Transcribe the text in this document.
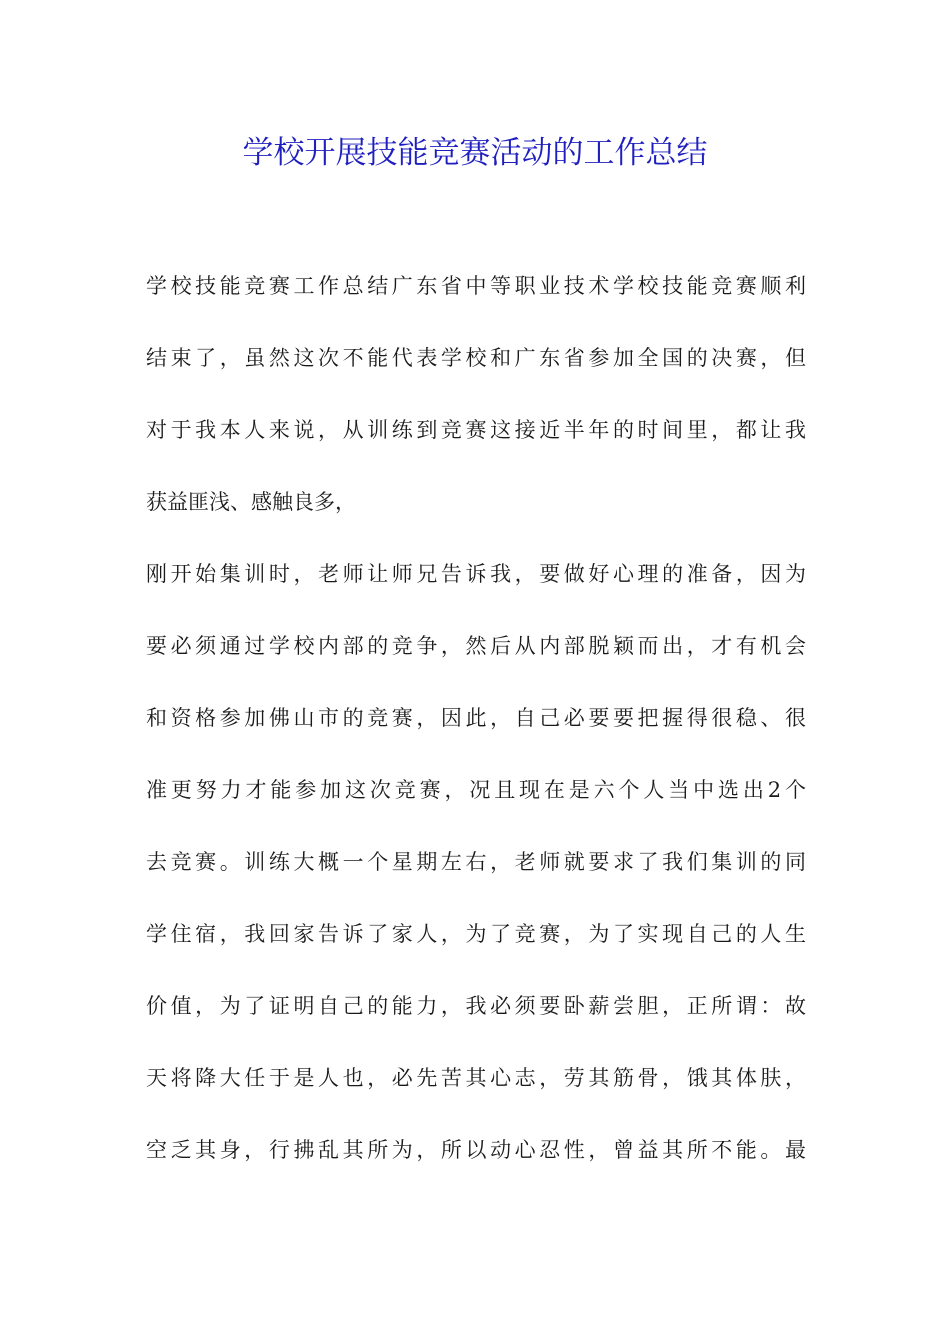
学校开展技能竞赛活动的工作总结
学校技能竞赛工作总结广东省中等职业技术学校技能竞赛顺利
结束了，虽然这次不能代表学校和广东省参加全国的决赛，但
对于我本人来说，从训练到竞赛这接近半年的时间里，都让我
获益匪浅、感触良多，
刚开始集训时，老师让师兄告诉我，要做好心理的准备，因为
要必须通过学校内部的竞争，然后从内部脱颖而出，才有机会
和资格参加佛山市的竞赛，因此，自己必要要把握得很稳、很
准更努力才能参加这次竞赛，况且现在是六个人当中选出2个
去竞赛。训练大概一个星期左右，老师就要求了我们集训的同
学住宿，我回家告诉了家人，为了竞赛，为了实现自己的人生
价值，为了证明自己的能力，我必须要卧薪尝胆，正所谓：故
天将降大任于是人也，必先苦其心志，劳其筋骨，饿其体肤，
空乏其身，行拂乱其所为，所以动心忍性，曾益其所不能。最
